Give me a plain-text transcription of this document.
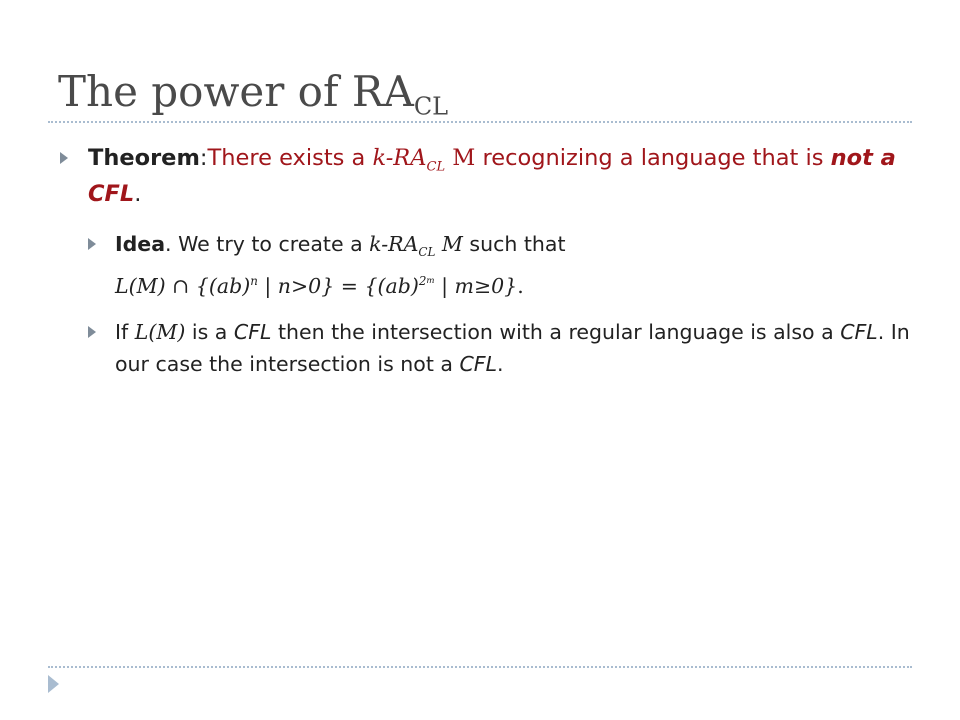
The power of $RA_{CL}$
Theorem:There exists a $k-RA_{CL}$ M recognizing a language that is not a CFL.
Idea. We try to create a $k-RA_{CL}$ M such that
L(M) ∩ {(ab)$^n$ | n>0} = {(ab)$^{2m}$ | m≥0}.
If L(M) is a CFL then the intersection with a regular language is also a CFL. In our case the intersection is not a CFL.
